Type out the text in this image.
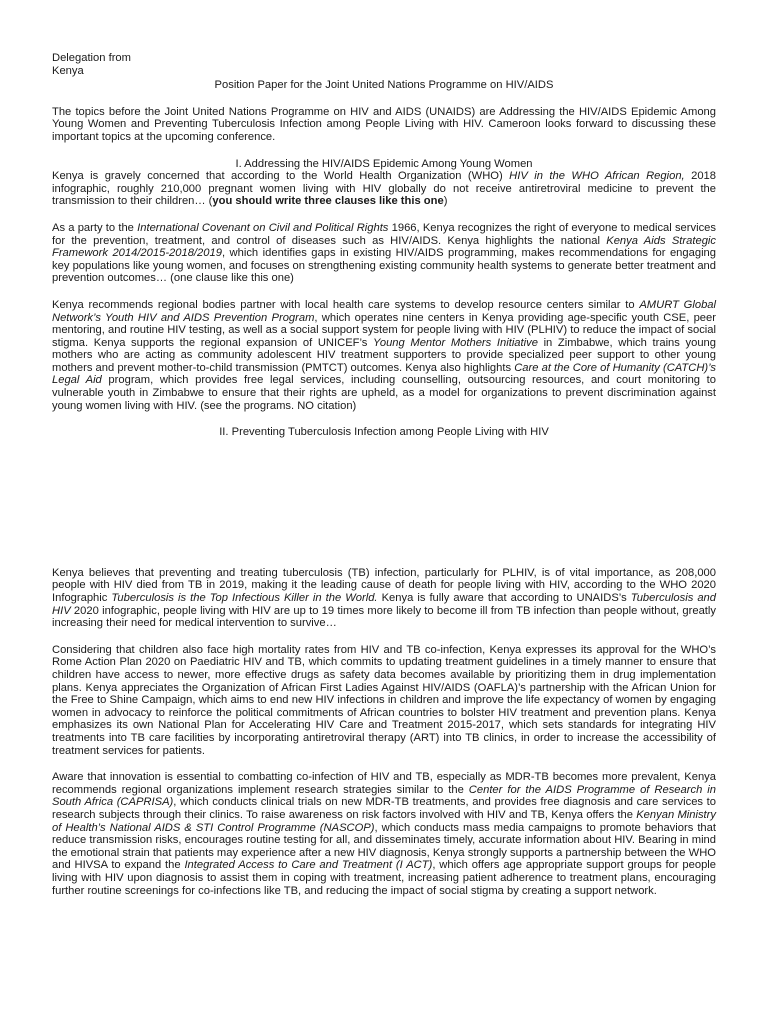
Delegation from

Kenya

Position Paper for the Joint United Nations Programme on HIV/AIDS

The topics before the Joint United Nations Programme on HIV and AIDS (UNAIDS) are Addressing the HIV/AIDS Epidemic Among Young Women and Preventing Tuberculosis Infection among People Living with HIV. Cameroon looks forward to discussing these important topics at the upcoming conference.

I. Addressing the HIV/AIDS Epidemic Among Young Women

Kenya is gravely concerned that according to the World Health Organization (WHO) HIV in the WHO African Region, 2018 infographic, roughly 210,000 pregnant women living with HIV globally do not receive antiretroviral medicine to prevent the transmission to their children… (you should write three clauses like this one)

As a party to the International Covenant on Civil and Political Rights 1966, Kenya recognizes the right of everyone to medical services for the prevention, treatment, and control of diseases such as HIV/AIDS. Kenya highlights the national Kenya Aids Strategic Framework 2014/2015-2018/2019, which identifies gaps in existing HIV/AIDS programming, makes recommendations for engaging key populations like young women, and focuses on strengthening existing community health systems to generate better treatment and prevention outcomes… (one clause like this one)

Kenya recommends regional bodies partner with local health care systems to develop resource centers similar to AMURT Global Network’s Youth HIV and AIDS Prevention Program, which operates nine centers in Kenya providing age-specific youth CSE, peer mentoring, and routine HIV testing, as well as a social support system for people living with HIV (PLHIV) to reduce the impact of social stigma. Kenya supports the regional expansion of UNICEF’s Young Mentor Mothers Initiative in Zimbabwe, which trains young mothers who are acting as community adolescent HIV treatment supporters to provide specialized peer support to other young mothers and prevent mother-to-child transmission (PMTCT) outcomes. Kenya also highlights Care at the Core of Humanity (CATCH)’s Legal Aid program, which provides free legal services, including counselling, outsourcing resources, and court monitoring to vulnerable youth in Zimbabwe to ensure that their rights are upheld, as a model for organizations to prevent discrimination against young women living with HIV. (see the programs. NO citation)

II. Preventing Tuberculosis Infection among People Living with HIV

Kenya believes that preventing and treating tuberculosis (TB) infection, particularly for PLHIV, is of vital importance, as 208,000 people with HIV died from TB in 2019, making it the leading cause of death for people living with HIV, according to the WHO 2020 Infographic Tuberculosis is the Top Infectious Killer in the World. Kenya is fully aware that according to UNAIDS’s Tuberculosis and HIV 2020 infographic, people living with HIV are up to 19 times more likely to become ill from TB infection than people without, greatly increasing their need for medical intervention to survive…

Considering that children also face high mortality rates from HIV and TB co-infection, Kenya expresses its approval for the WHO’s Rome Action Plan 2020 on Paediatric HIV and TB, which commits to updating treatment guidelines in a timely manner to ensure that children have access to newer, more effective drugs as safety data becomes available by prioritizing them in drug implementation plans. Kenya appreciates the Organization of African First Ladies Against HIV/AIDS (OAFLA)’s partnership with the African Union for the Free to Shine Campaign, which aims to end new HIV infections in children and improve the life expectancy of women by engaging women in advocacy to reinforce the political commitments of African countries to bolster HIV treatment and prevention plans. Kenya emphasizes its own National Plan for Accelerating HIV Care and Treatment 2015-2017, which sets standards for integrating HIV treatments into TB care facilities by incorporating antiretroviral therapy (ART) into TB clinics, in order to increase the accessibility of treatment services for patients.

Aware that innovation is essential to combatting co-infection of HIV and TB, especially as MDR-TB becomes more prevalent, Kenya recommends regional organizations implement research strategies similar to the Center for the AIDS Programme of Research in South Africa (CAPRISA), which conducts clinical trials on new MDR-TB treatments, and provides free diagnosis and care services to research subjects through their clinics. To raise awareness on risk factors involved with HIV and TB, Kenya offers the Kenyan Ministry of Health’s National AIDS & STI Control Programme (NASCOP), which conducts mass media campaigns to promote behaviors that reduce transmission risks, encourages routine testing for all, and disseminates timely, accurate information about HIV. Bearing in mind the emotional strain that patients may experience after a new HIV diagnosis, Kenya strongly supports a partnership between the WHO and HIVSA to expand the Integrated Access to Care and Treatment (I ACT), which offers age appropriate support groups for people living with HIV upon diagnosis to assist them in coping with treatment, increasing patient adherence to treatment plans, encouraging further routine screenings for co-infections like TB, and reducing the impact of social stigma by creating a support network.
